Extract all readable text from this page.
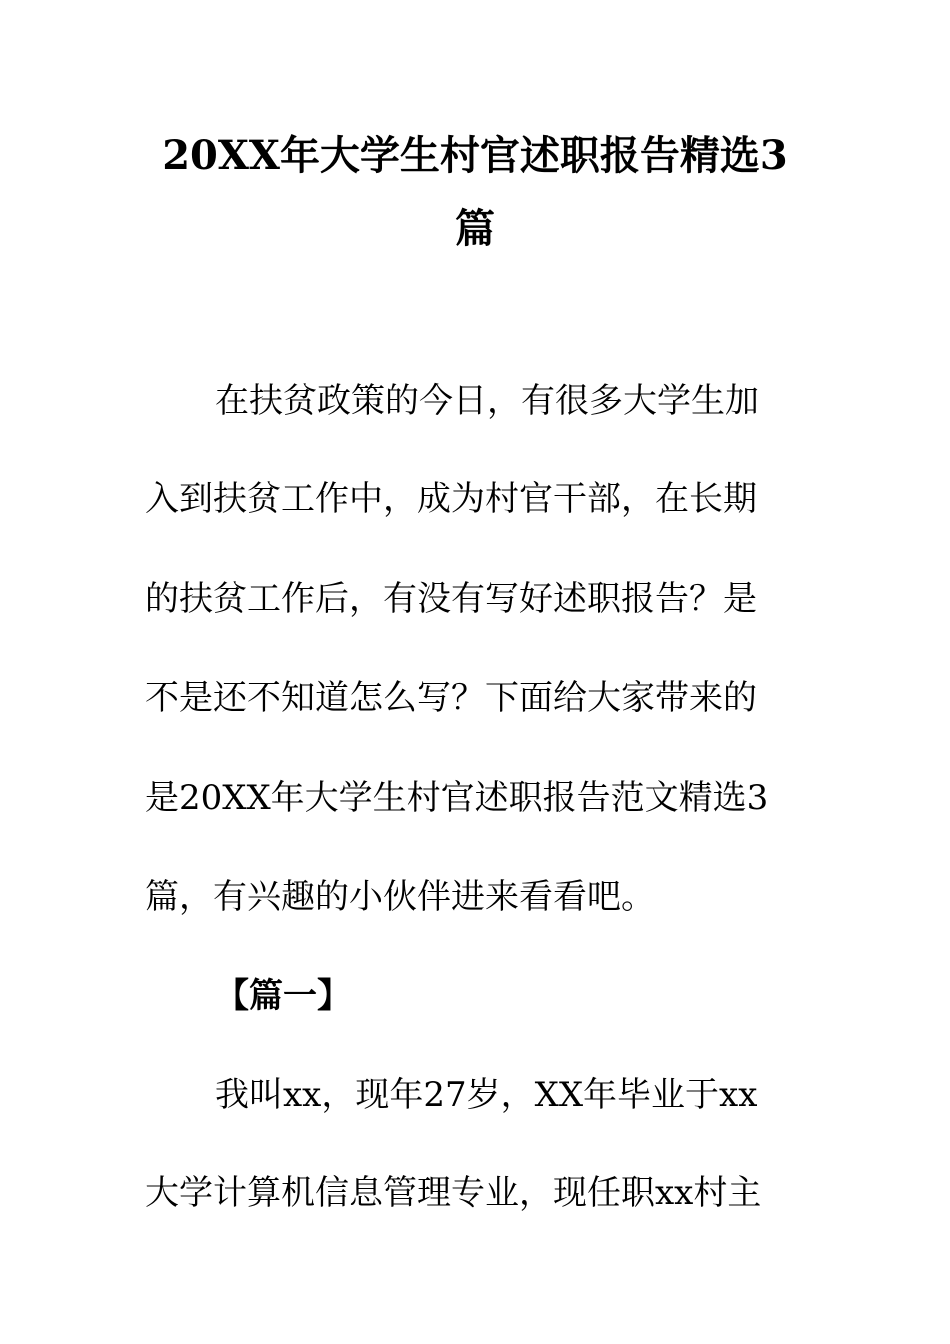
20XX年大学生村官述职报告精选3
篇

在扶贫政策的今日，有很多大学生加

入到扶贫工作中，成为村官干部，在长期

的扶贫工作后，有没有写好述职报告？是

不是还不知道怎么写？下面给大家带来的

是20XX年大学生村官述职报告范文精选3

篇，有兴趣的小伙伴进来看看吧。

【篇一】

我叫xx，现年27岁，XX年毕业于xx

大学计算机信息管理专业，现任职xx村主
